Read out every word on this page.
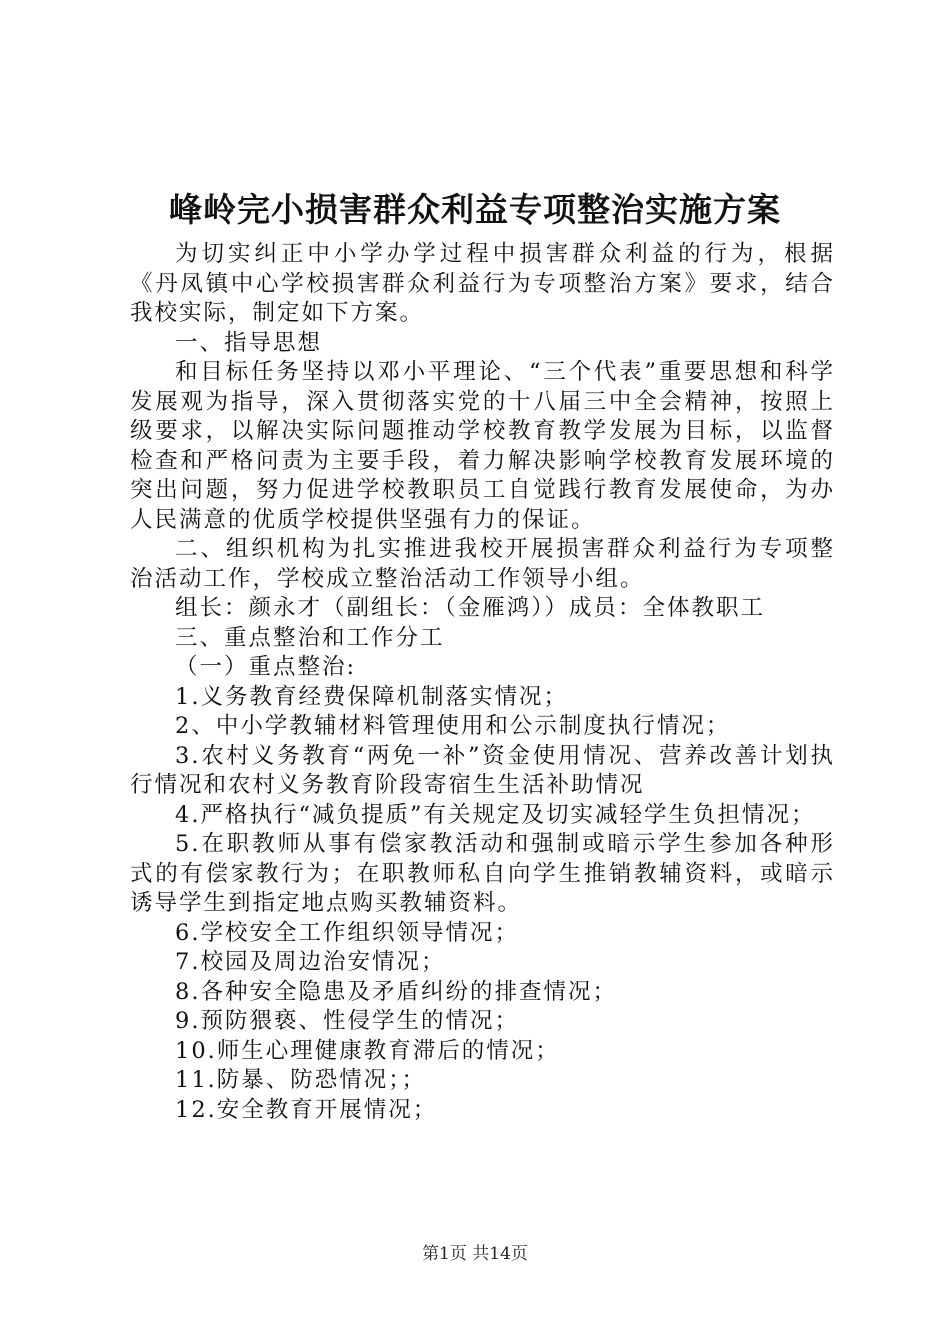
峰岭完小损害群众利益专项整治实施方案

为切实纠正中小学办学过程中损害群众利益的行为，根据《丹凤镇中心学校损害群众利益行为专项整治方案》要求，结合我校实际，制定如下方案。

一、指导思想

和目标任务坚持以邓小平理论、“三个代表”重要思想和科学发展观为指导，深入贯彻落实党的十八届三中全会精神，按照上级要求，以解决实际问题推动学校教育教学发展为目标，以监督检查和严格问责为主要手段，着力解决影响学校教育发展环境的突出问题，努力促进学校教职员工自觉践行教育发展使命，为办人民满意的优质学校提供坚强有力的保证。

二、组织机构为扎实推进我校开展损害群众利益行为专项整治活动工作，学校成立整治活动工作领导小组。

组长：颜永才（副组长：（金雁鸿））成员：全体教职工

三、重点整治和工作分工

（一）重点整治:

1.义务教育经费保障机制落实情况；

2、中小学教辅材料管理使用和公示制度执行情况；

3.农村义务教育“两免一补”资金使用情况、营养改善计划执行情况和农村义务教育阶段寄宿生生活补助情况

4.严格执行“减负提质”有关规定及切实减轻学生负担情况；

5.在职教师从事有偿家教活动和强制或暗示学生参加各种形式的有偿家教行为；在职教师私自向学生推销教辅资料，或暗示诱导学生到指定地点购买教辅资料。

6.学校安全工作组织领导情况；

7.校园及周边治安情况；

8.各种安全隐患及矛盾纠纷的排查情况；

9.预防猥亵、性侵学生的情况；

10.师生心理健康教育滞后的情况；

11.防暴、防恐情况；；

12.安全教育开展情况；

第1页 共14页
